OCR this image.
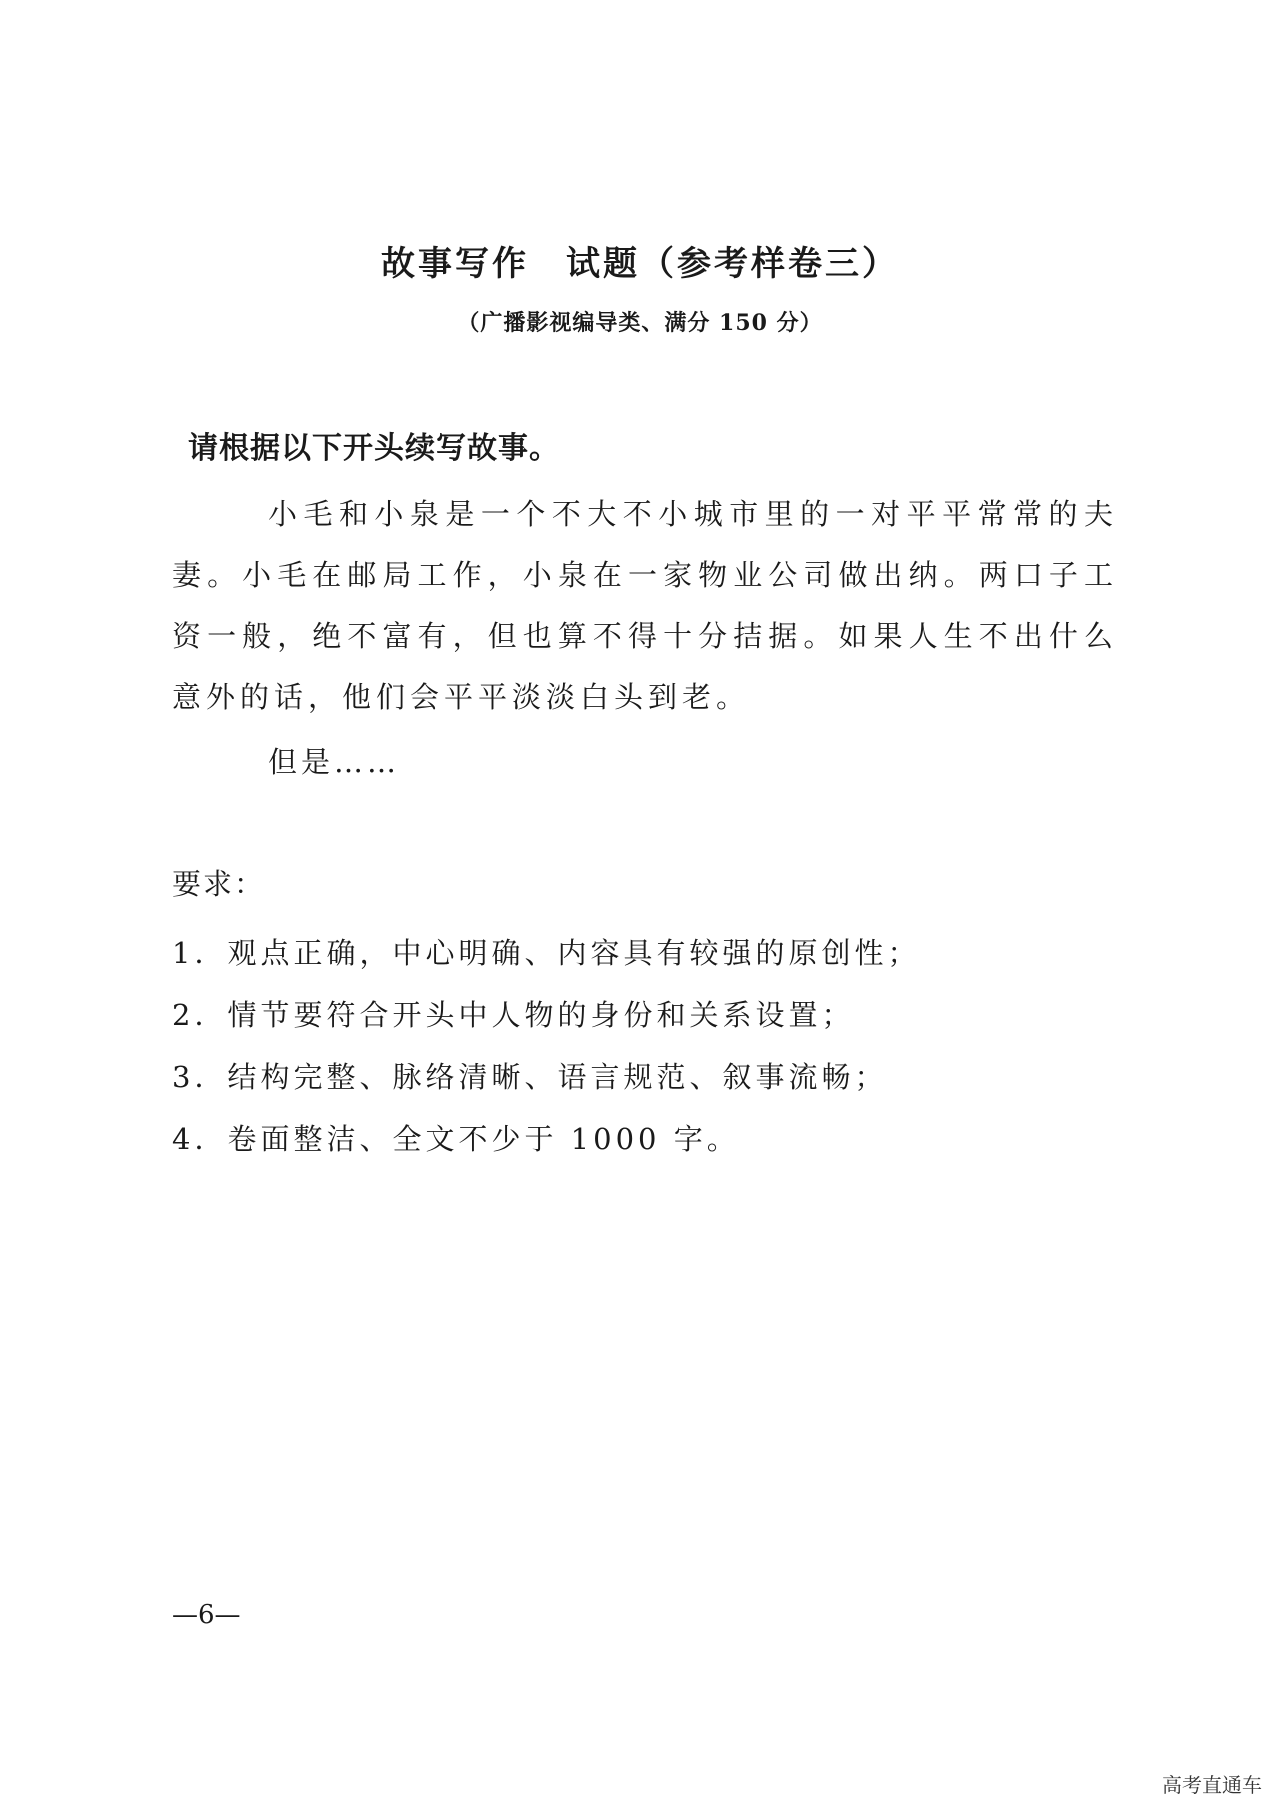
故事写作　试题（参考样卷三）

（广播影视编导类、满分 150 分）

请根据以下开头续写故事。

小毛和小泉是一个不大不小城市里的一对平平常常的夫妻。小毛在邮局工作，小泉在一家物业公司做出纳。两口子工资一般，绝不富有，但也算不得十分拮据。如果人生不出什么意外的话，他们会平平淡淡白头到老。

但是……

要求：

1．观点正确，中心明确、内容具有较强的原创性；
2．情节要符合开头中人物的身份和关系设置；
3．结构完整、脉络清晰、语言规范、叙事流畅；
4．卷面整洁、全文不少于 1000 字。

—6—

高考直通车
